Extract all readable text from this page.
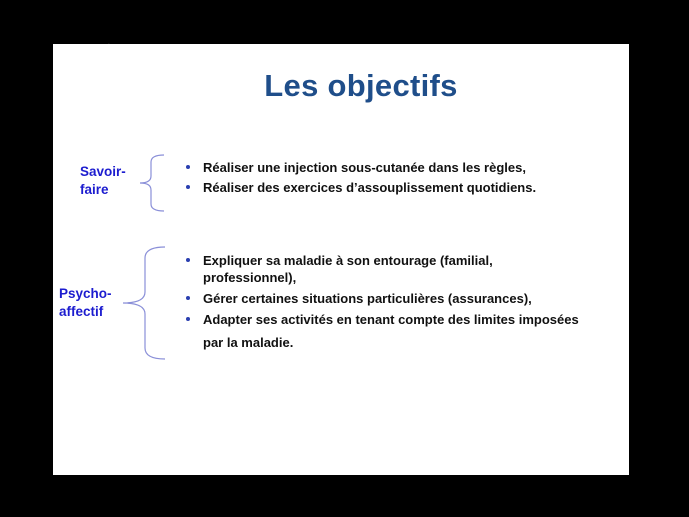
Les objectifs
Savoir-
faire
Réaliser une injection sous-cutanée dans les règles,
Réaliser des exercices d’assouplissement quotidiens.
Psycho-
affectif
Expliquer sa maladie à son entourage (familial,
professionnel),
Gérer certaines situations particulières (assurances),
Adapter ses activités en tenant compte des limites imposées
par la maladie.
